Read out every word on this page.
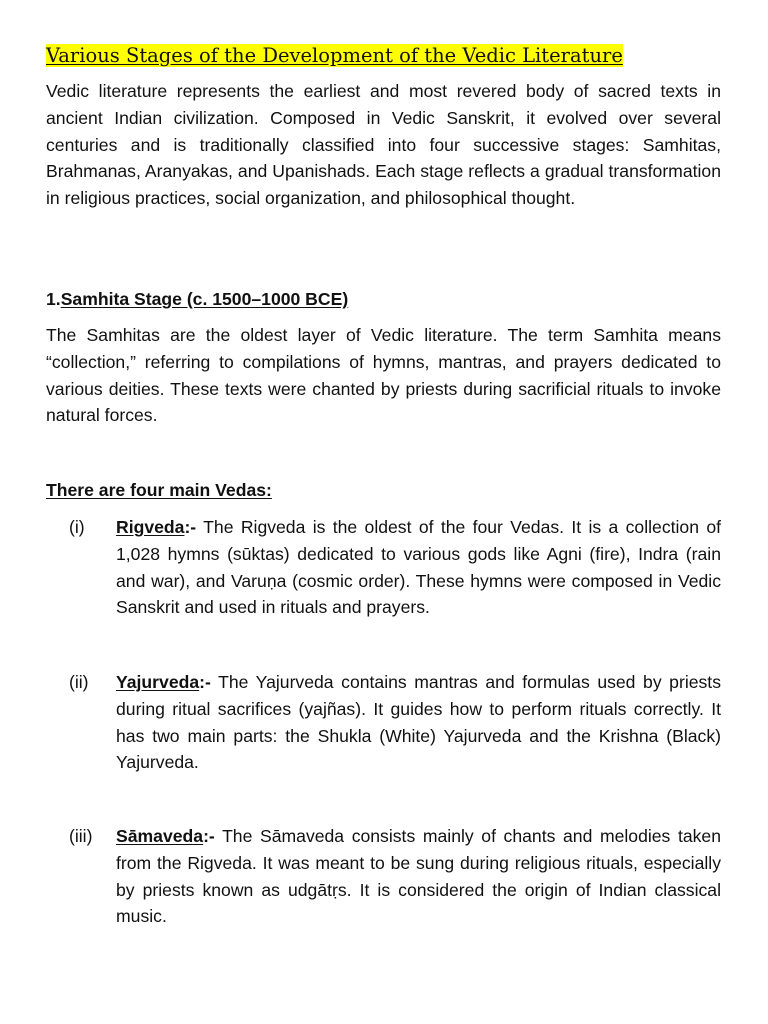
Various Stages of the Development of the Vedic Literature

Vedic literature represents the earliest and most revered body of sacred texts in ancient Indian civilization. Composed in Vedic Sanskrit, it evolved over several centuries and is traditionally classified into four successive stages: Samhitas, Brahmanas, Aranyakas, and Upanishads. Each stage reflects a gradual transformation in religious practices, social organization, and philosophical thought.

1.Samhita Stage (c. 1500–1000 BCE)

The Samhitas are the oldest layer of Vedic literature. The term Samhita means “collection,” referring to compilations of hymns, mantras, and prayers dedicated to various deities. These texts were chanted by priests during sacrificial rituals to invoke natural forces.

There are four main Vedas:

(i) Rigveda:- The Rigveda is the oldest of the four Vedas. It is a collection of 1,028 hymns (sūktas) dedicated to various gods like Agni (fire), Indra (rain and war), and Varuṇa (cosmic order). These hymns were composed in Vedic Sanskrit and used in rituals and prayers.
(ii) Yajurveda:- The Yajurveda contains mantras and formulas used by priests during ritual sacrifices (yajñas). It guides how to perform rituals correctly. It has two main parts: the Shukla (White) Yajurveda and the Krishna (Black) Yajurveda.
(iii) Sāmaveda:- The Sāmaveda consists mainly of chants and melodies taken from the Rigveda. It was meant to be sung during religious rituals, especially by priests known as udgātṛs. It is considered the origin of Indian classical music.
